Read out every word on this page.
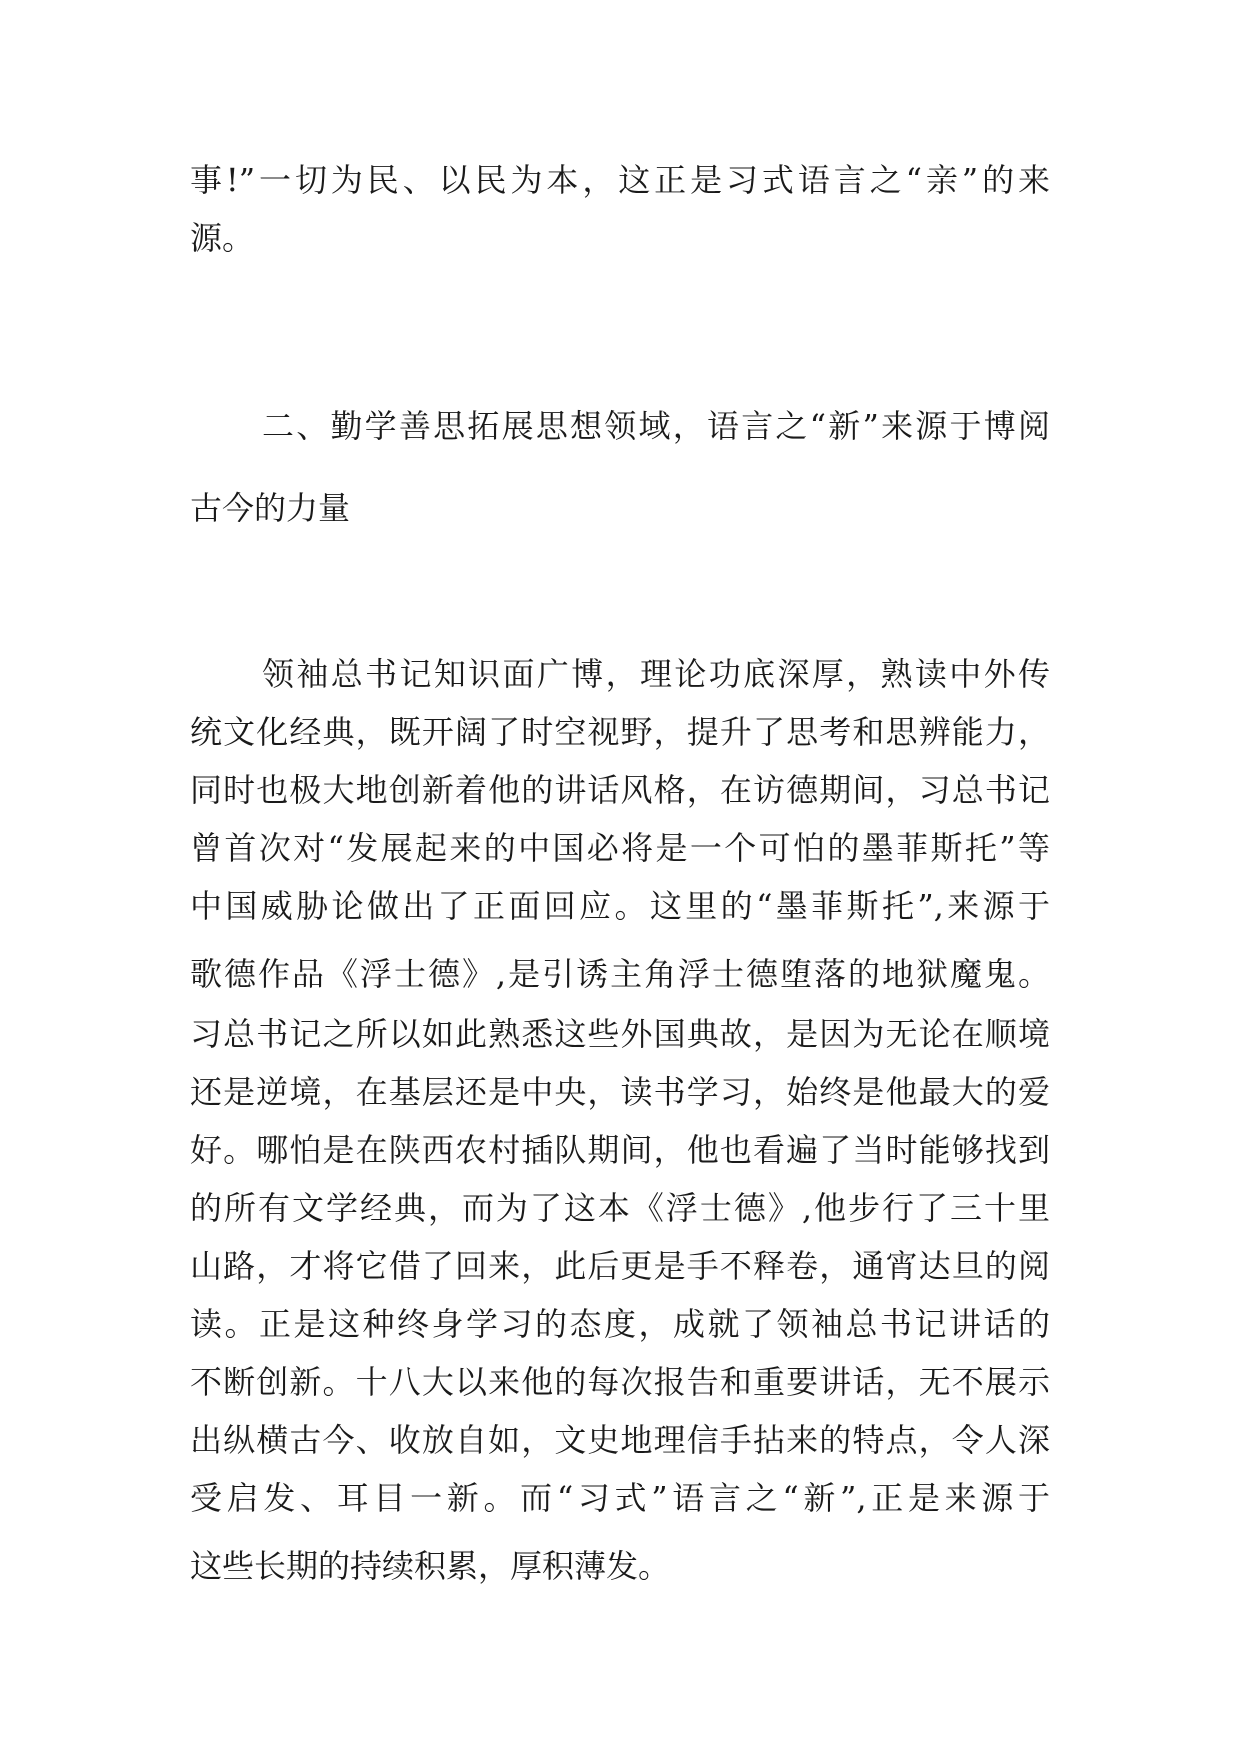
事!”一切为民、以民为本，这正是习式语言之“亲”的来

源。

二、勤学善思拓展思想领域，语言之“新”来源于博阅

古今的力量

领袖总书记知识面广博，理论功底深厚，熟读中外传

统文化经典，既开阔了时空视野，提升了思考和思辨能力，

同时也极大地创新着他的讲话风格，在访德期间，习总书记

曾首次对“发展起来的中国必将是一个可怕的墨菲斯托”等

中国威胁论做出了正面回应。这里的“墨菲斯托”,来源于

歌德作品《浮士德》,是引诱主角浮士德堕落的地狱魔鬼。

习总书记之所以如此熟悉这些外国典故，是因为无论在顺境

还是逆境，在基层还是中央，读书学习，始终是他最大的爱

好。哪怕是在陕西农村插队期间，他也看遍了当时能够找到

的所有文学经典，而为了这本《浮士德》,他步行了三十里

山路，才将它借了回来，此后更是手不释卷，通宵达旦的阅

读。正是这种终身学习的态度，成就了领袖总书记讲话的

不断创新。十八大以来他的每次报告和重要讲话，无不展示

出纵横古今、收放自如，文史地理信手拈来的特点，令人深

受启发、耳目一新。而“习式”语言之“新”,正是来源于

这些长期的持续积累，厚积薄发。
